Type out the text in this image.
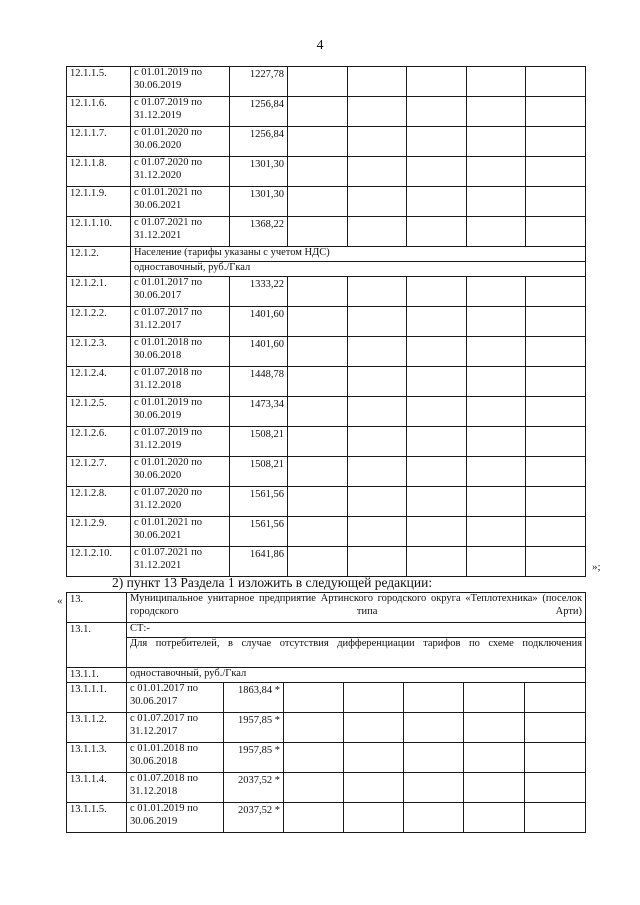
4
12.1.1.5.	с 01.01.2019 по 30.06.2019	1227,78					
12.1.1.6.	с 01.07.2019 по 31.12.2019	1256,84					
12.1.1.7.	с 01.01.2020 по 30.06.2020	1256,84					
12.1.1.8.	с 01.07.2020 по 31.12.2020	1301,30					
12.1.1.9.	с 01.01.2021 по 30.06.2021	1301,30					
12.1.1.10.	с 01.07.2021 по 31.12.2021	1368,22					
12.1.2.	Население (тарифы указаны с учетом НДС)						
	одноставочный, руб./Гкал						
12.1.2.1.	с 01.01.2017 по 30.06.2017	1333,22					
12.1.2.2.	с 01.07.2017 по 31.12.2017	1401,60					
12.1.2.3.	с 01.01.2018 по 30.06.2018	1401,60					
12.1.2.4.	с 01.07.2018 по 31.12.2018	1448,78					
12.1.2.5.	с 01.01.2019 по 30.06.2019	1473,34					
12.1.2.6.	с 01.07.2019 по 31.12.2019	1508,21					
12.1.2.7.	с 01.01.2020 по 30.06.2020	1508,21					
12.1.2.8.	с 01.07.2020 по 31.12.2020	1561,56					
12.1.2.9.	с 01.01.2021 по 30.06.2021	1561,56					
12.1.2.10.	с 01.07.2021 по 31.12.2021	1641,86					
»;
2) пункт 13 Раздела 1 изложить в следующей редакции:
« 13.	Муниципальное унитарное предприятие Артинского городского округа «Теплотехника» (поселок городского типа Арти)						
13.1.	СТ:-						
	Для потребителей, в случае отсутствия дифференциации тарифов по схеме подключения						
13.1.1.	одноставочный, руб./Гкал						
13.1.1.1.	с 01.01.2017 по 30.06.2017	1863,84 *					
13.1.1.2.	с 01.07.2017 по 31.12.2017	1957,85 *					
13.1.1.3.	с 01.01.2018 по 30.06.2018	1957,85 *					
13.1.1.4.	с 01.07.2018 по 31.12.2018	2037,52 *					
13.1.1.5.	с 01.01.2019 по 30.06.2019	2037,52 *					
